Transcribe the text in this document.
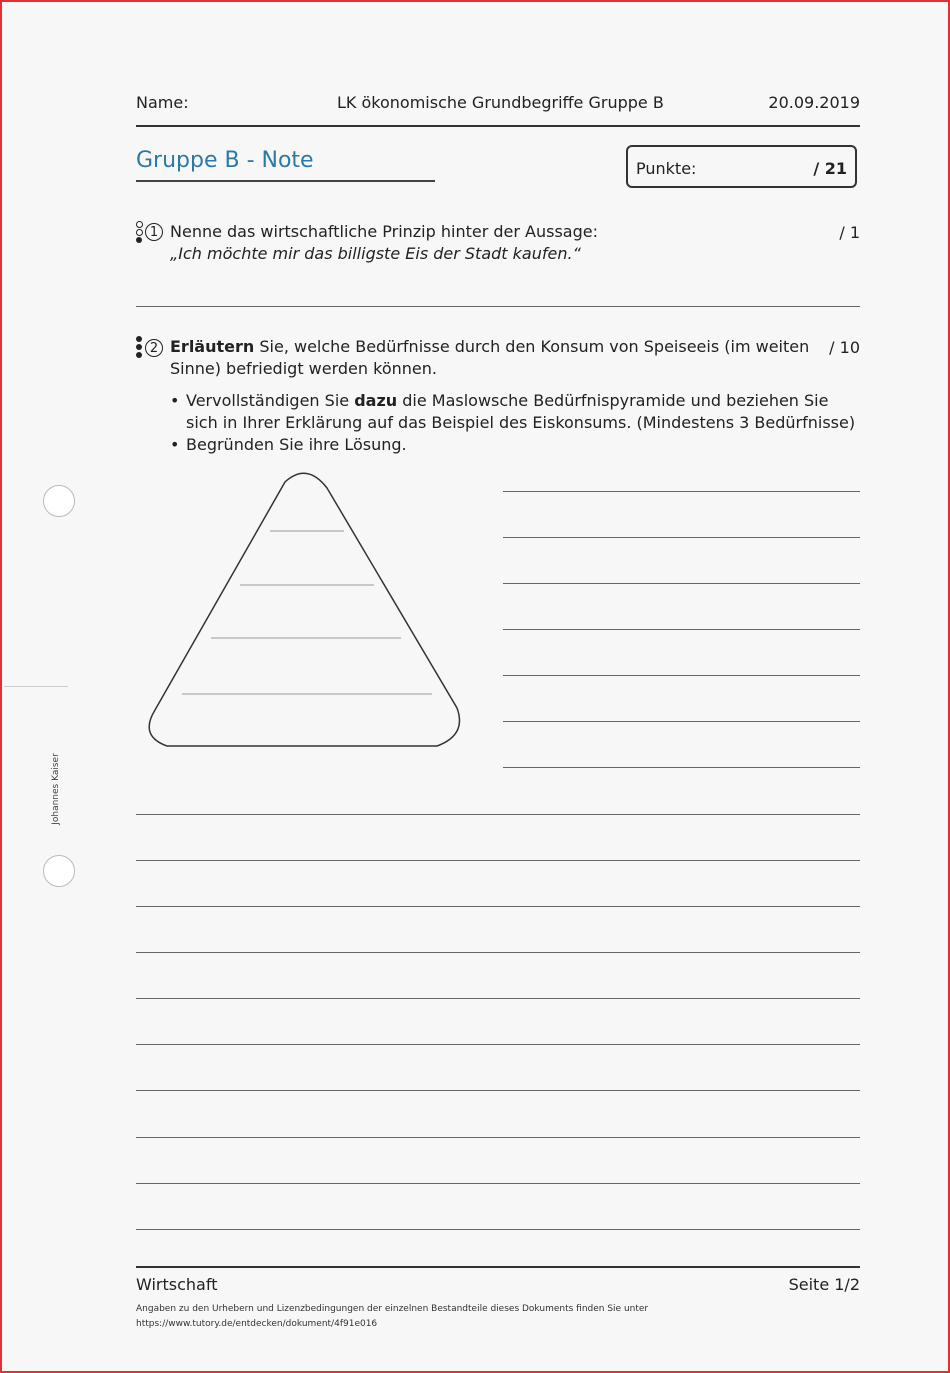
Name:	LK ökonomische Grundbegriffe Gruppe B	20.09.2019
Gruppe B - Note	Punkte:	/ 21
1 Nenne das wirtschaftliche Prinzip hinter der Aussage:
„Ich möchte mir das billigste Eis der Stadt kaufen.“
/ 1
2 Erläutern Sie, welche Bedürfnisse durch den Konsum von Speiseeis (im weiten Sinne) befriedigt werden können.
/ 10
• Vervollständigen Sie dazu die Maslowsche Bedürfnispyramide und beziehen Sie sich in Ihrer Erklärung auf das Beispiel des Eiskonsums. (Mindestens 3 Bedürfnisse)
• Begründen Sie ihre Lösung.
Johannes Kaiser
Wirtschaft	Seite 1/2
Angaben zu den Urhebern und Lizenzbedingungen der einzelnen Bestandteile dieses Dokuments finden Sie unter
https://www.tutory.de/entdecken/dokument/4f91e016
